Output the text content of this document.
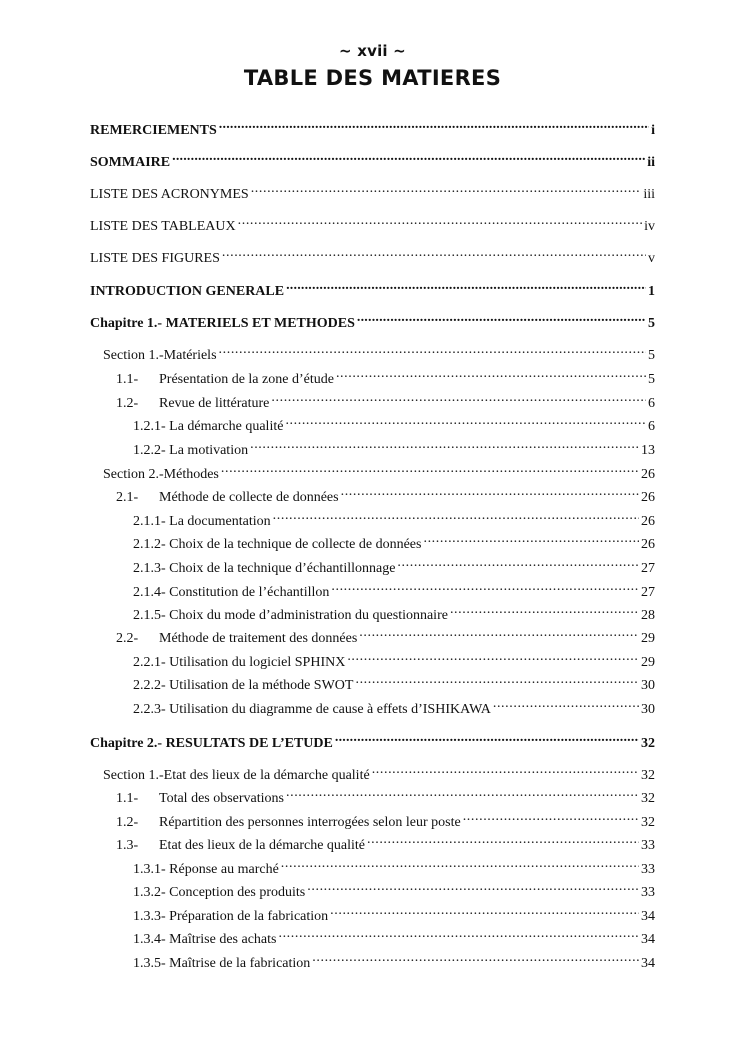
~ xvii ~
TABLE DES MATIERES
REMERCIEMENTS .....	i
SOMMAIRE .....	ii
LISTE DES ACRONYMES .....	iii
LISTE DES TABLEAUX .....	iv
LISTE DES FIGURES .....	v
INTRODUCTION GENERALE .....	1
Chapitre 1.- MATERIELS ET METHODES .....	5
Section 1.-Matériels .....	5
1.1-	Présentation de la zone d’étude .....	5
1.2-	Revue de littérature .....	6
1.2.1- La démarche qualité .....	6
1.2.2- La motivation .....	13
Section 2.-Méthodes .....	26
2.1-	Méthode de collecte de données .....	26
2.1.1- La documentation .....	26
2.1.2- Choix de la technique de collecte de données .....	26
2.1.3- Choix de la technique d’échantillonnage .....	27
2.1.4- Constitution de l’échantillon .....	27
2.1.5- Choix du mode d’administration du questionnaire .....	28
2.2-	Méthode de traitement des données .....	29
2.2.1- Utilisation du logiciel SPHINX .....	29
2.2.2- Utilisation de la méthode SWOT .....	30
2.2.3- Utilisation du diagramme de cause à effets d’ISHIKAWA .....	30
Chapitre 2.- RESULTATS DE L’ETUDE .....	32
Section 1.-Etat des lieux de la démarche qualité .....	32
1.1-	Total des observations .....	32
1.2-	Répartition des personnes interrogées selon leur poste .....	32
1.3-	Etat des lieux de la démarche qualité .....	33
1.3.1- Réponse au marché .....	33
1.3.2- Conception des produits .....	33
1.3.3- Préparation de la fabrication .....	34
1.3.4- Maîtrise des achats .....	34
1.3.5- Maîtrise de la fabrication .....	34
